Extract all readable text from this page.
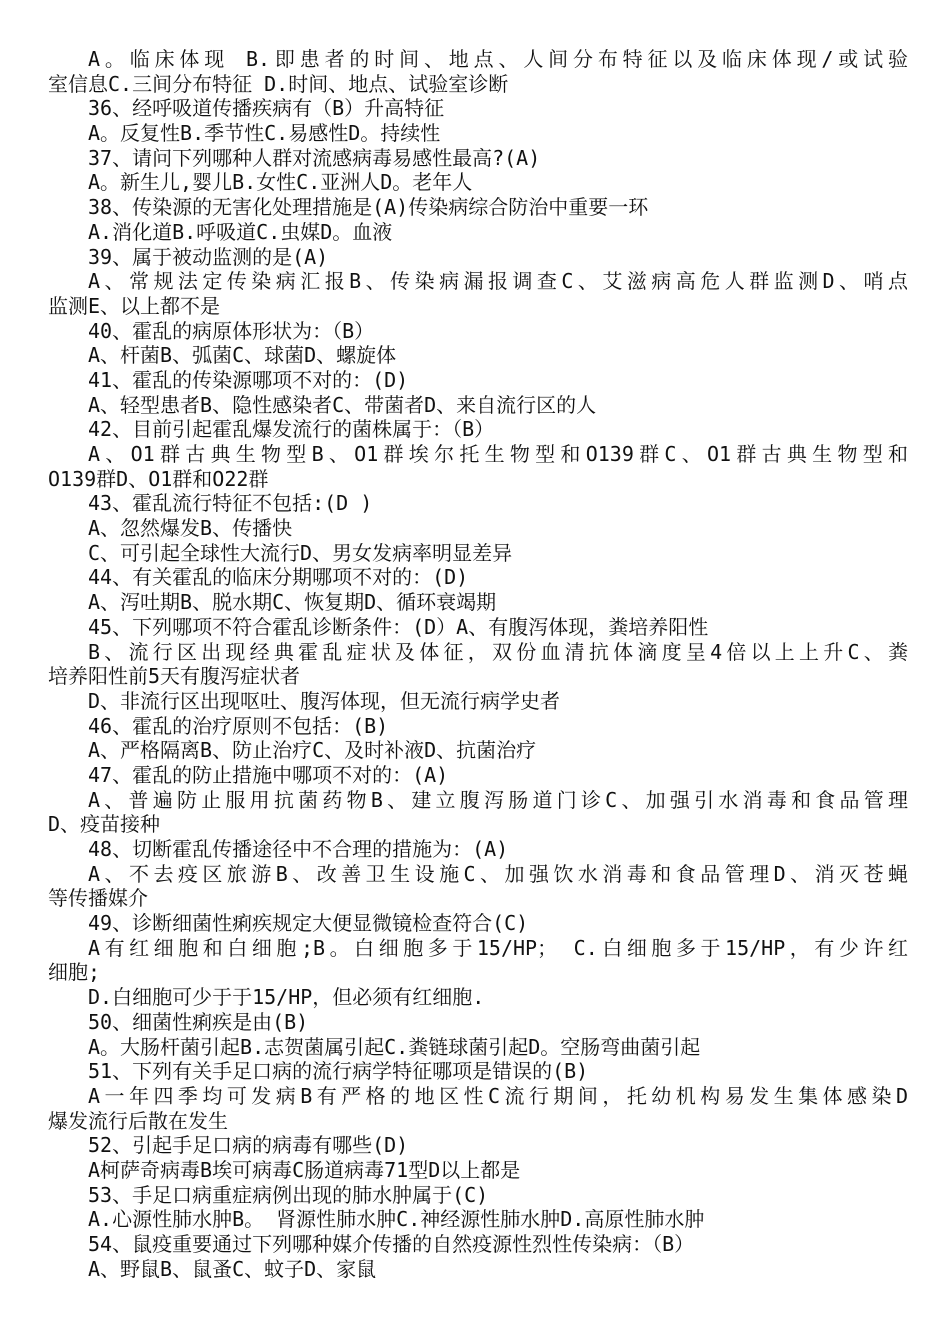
A。临床体现 B.即患者的时间、地点、人间分布特征以及临床体现/或试验
室信息C.三间分布特征 D.时间、地点、试验室诊断
36、经呼吸道传播疾病有（B）升高特征
A。反复性B.季节性C.易感性D。持续性
37、请问下列哪种人群对流感病毒易感性最高?(A)
A。新生儿,婴儿B.女性C.亚洲人D。老年人
38、传染源的无害化处理措施是(A)传染病综合防治中重要一环
A.消化道B.呼吸道C.虫媒D。血液
39、属于被动监测的是(A)
A、常规法定传染病汇报B、传染病漏报调查C、艾滋病高危人群监测D、哨点
监测E、以上都不是
40、霍乱的病原体形状为：（B）
A、杆菌B、弧菌C、球菌D、螺旋体
41、霍乱的传染源哪项不对的：(D)
A、轻型患者B、隐性感染者C、带菌者D、来自流行区的人
42、目前引起霍乱爆发流行的菌株属于：（B）
A、O1群古典生物型B、O1群埃尔托生物型和O139群C、O1群古典生物型和
O139群D、O1群和O22群
43、霍乱流行特征不包括:(D )
A、忽然爆发B、传播快
C、可引起全球性大流行D、男女发病率明显差异
44、有关霍乱的临床分期哪项不对的：(D)
A、泻吐期B、脱水期C、恢复期D、循环衰竭期
45、下列哪项不符合霍乱诊断条件：(D）A、有腹泻体现，粪培养阳性
B、流行区出现经典霍乱症状及体征，双份血清抗体滴度呈4倍以上上升C、粪
培养阳性前5天有腹泻症状者
D、非流行区出现呕吐、腹泻体现，但无流行病学史者
46、霍乱的治疗原则不包括：(B)
A、严格隔离B、防止治疗C、及时补液D、抗菌治疗
47、霍乱的防止措施中哪项不对的：(A)
A、普遍防止服用抗菌药物B、建立腹泻肠道门诊C、加强引水消毒和食品管理
D、疫苗接种
48、切断霍乱传播途径中不合理的措施为：(A)
A、不去疫区旅游B、改善卫生设施C、加强饮水消毒和食品管理D、消灭苍蝇
等传播媒介
49、诊断细菌性痢疾规定大便显微镜检查符合(C)
A有红细胞和白细胞;B。白细胞多于15/HP； C.白细胞多于15/HP，有少许红
细胞;
D.白细胞可少于于15/HP，但必须有红细胞.
50、细菌性痢疾是由(B)
A。大肠杆菌引起B.志贺菌属引起C.粪链球菌引起D。空肠弯曲菌引起
51、下列有关手足口病的流行病学特征哪项是错误的(B)
A一年四季均可发病B有严格的地区性C流行期间，托幼机构易发生集体感染D
爆发流行后散在发生
52、引起手足口病的病毒有哪些(D)
A柯萨奇病毒B埃可病毒C肠道病毒71型D以上都是
53、手足口病重症病例出现的肺水肿属于(C)
A.心源性肺水肿B。 肾源性肺水肿C.神经源性肺水肿D.高原性肺水肿
54、鼠疫重要通过下列哪种媒介传播的自然疫源性烈性传染病：（B）
A、野鼠B、鼠蚤C、蚊子D、家鼠
